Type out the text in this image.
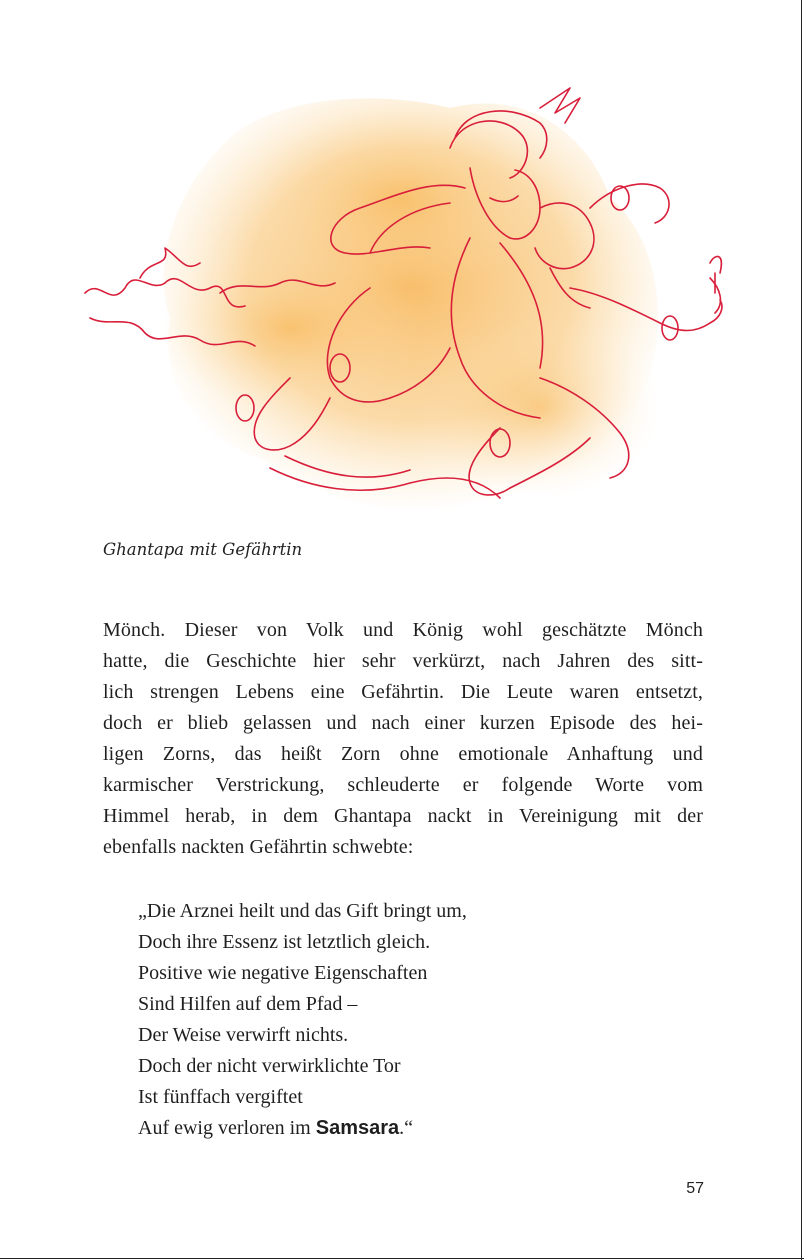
Ghantapa mit Gefährtin
Mönch. Dieser von Volk und König wohl geschätzte Mönch
hatte, die Geschichte hier sehr verkürzt, nach Jahren des sitt-
lich strengen Lebens eine Gefährtin. Die Leute waren entsetzt,
doch er blieb gelassen und nach einer kurzen Episode des hei-
ligen Zorns, das heißt Zorn ohne emotionale Anhaftung und
karmischer Verstrickung, schleuderte er folgende Worte vom
Himmel herab, in dem Ghantapa nackt in Vereinigung mit der
ebenfalls nackten Gefährtin schwebte:
„Die Arznei heilt und das Gift bringt um,
Doch ihre Essenz ist letztlich gleich.
Positive wie negative Eigenschaften
Sind Hilfen auf dem Pfad –
Der Weise verwirft nichts.
Doch der nicht verwirklichte Tor
Ist fünffach vergiftet
Auf ewig verloren im Samsara.“
57
